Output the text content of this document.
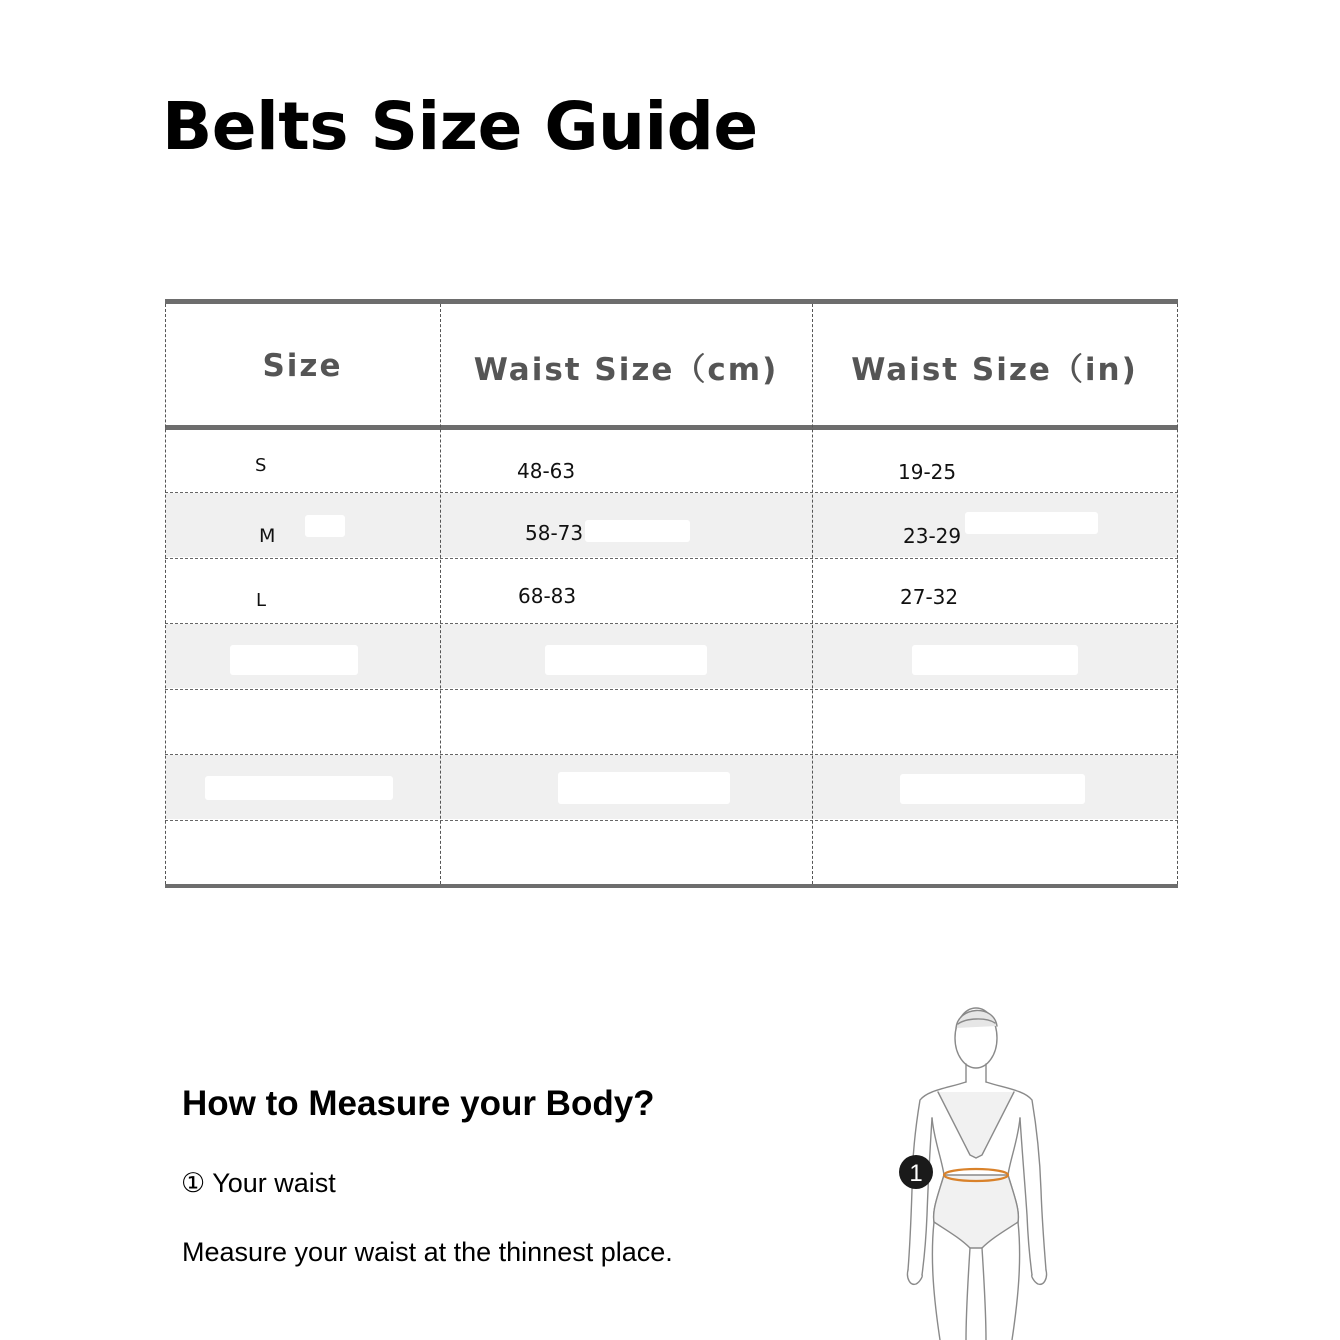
Belts Size Guide
Size	Waist Size（cm)	Waist Size（in)
S	48-63	19-25
M	58-73	23-29
L	68-83	27-32
How to Measure your Body?
① Your waist
Measure your waist at the thinnest place.
1
